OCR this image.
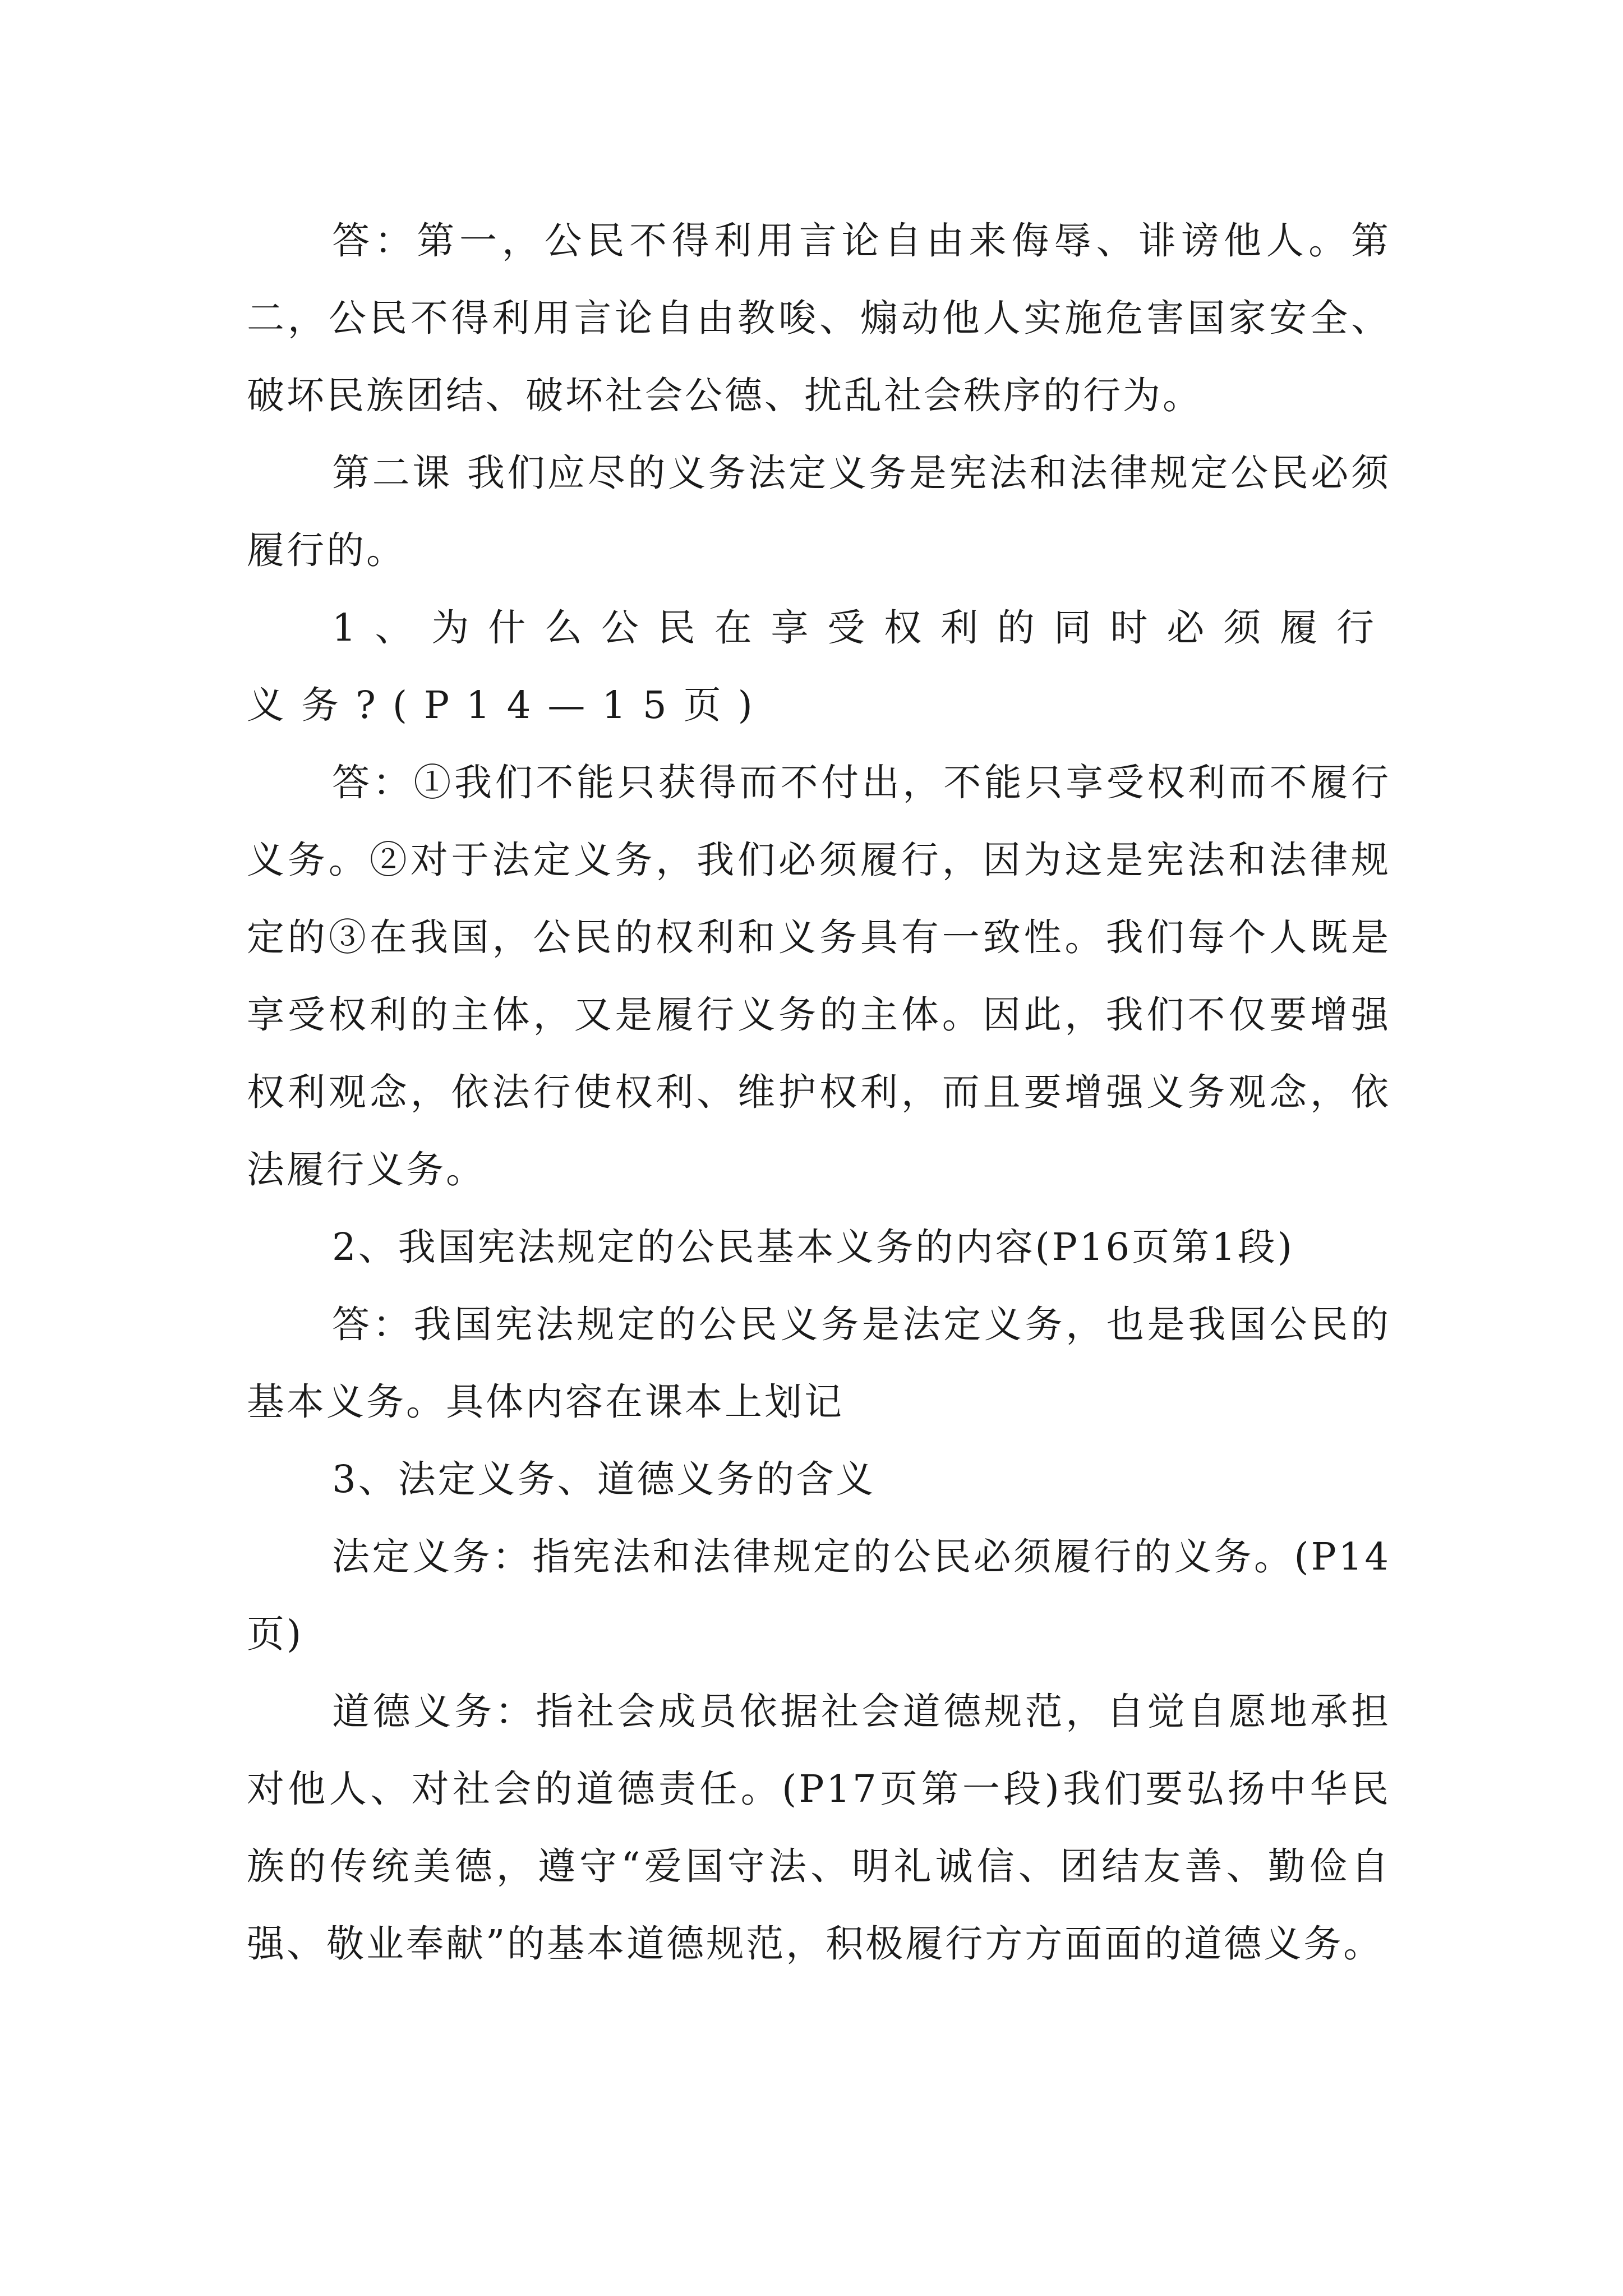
答：第一，公民不得利用言论自由来侮辱、诽谤他人。第二，公民不得利用言论自由教唆、煽动他人实施危害国家安全、破坏民族团结、破坏社会公德、扰乱社会秩序的行为。

第二课 我们应尽的义务法定义务是宪法和法律规定公民必须履行的。

1、为什么公民在享受权利的同时必须履行义务?(P14—15页)

答：①我们不能只获得而不付出，不能只享受权利而不履行义务。②对于法定义务，我们必须履行，因为这是宪法和法律规定的③在我国，公民的权利和义务具有一致性。我们每个人既是享受权利的主体，又是履行义务的主体。因此，我们不仅要增强权利观念，依法行使权利、维护权利，而且要增强义务观念，依法履行义务。

2、我国宪法规定的公民基本义务的内容(P16页第1段)

答：我国宪法规定的公民义务是法定义务，也是我国公民的基本义务。具体内容在课本上划记

3、法定义务、道德义务的含义

法定义务：指宪法和法律规定的公民必须履行的义务。(P14页)

道德义务：指社会成员依据社会道德规范，自觉自愿地承担对他人、对社会的道德责任。(P17页第一段)我们要弘扬中华民族的传统美德，遵守“爱国守法、明礼诚信、团结友善、勤俭自强、敬业奉献”的基本道德规范，积极履行方方面面的道德义务。
